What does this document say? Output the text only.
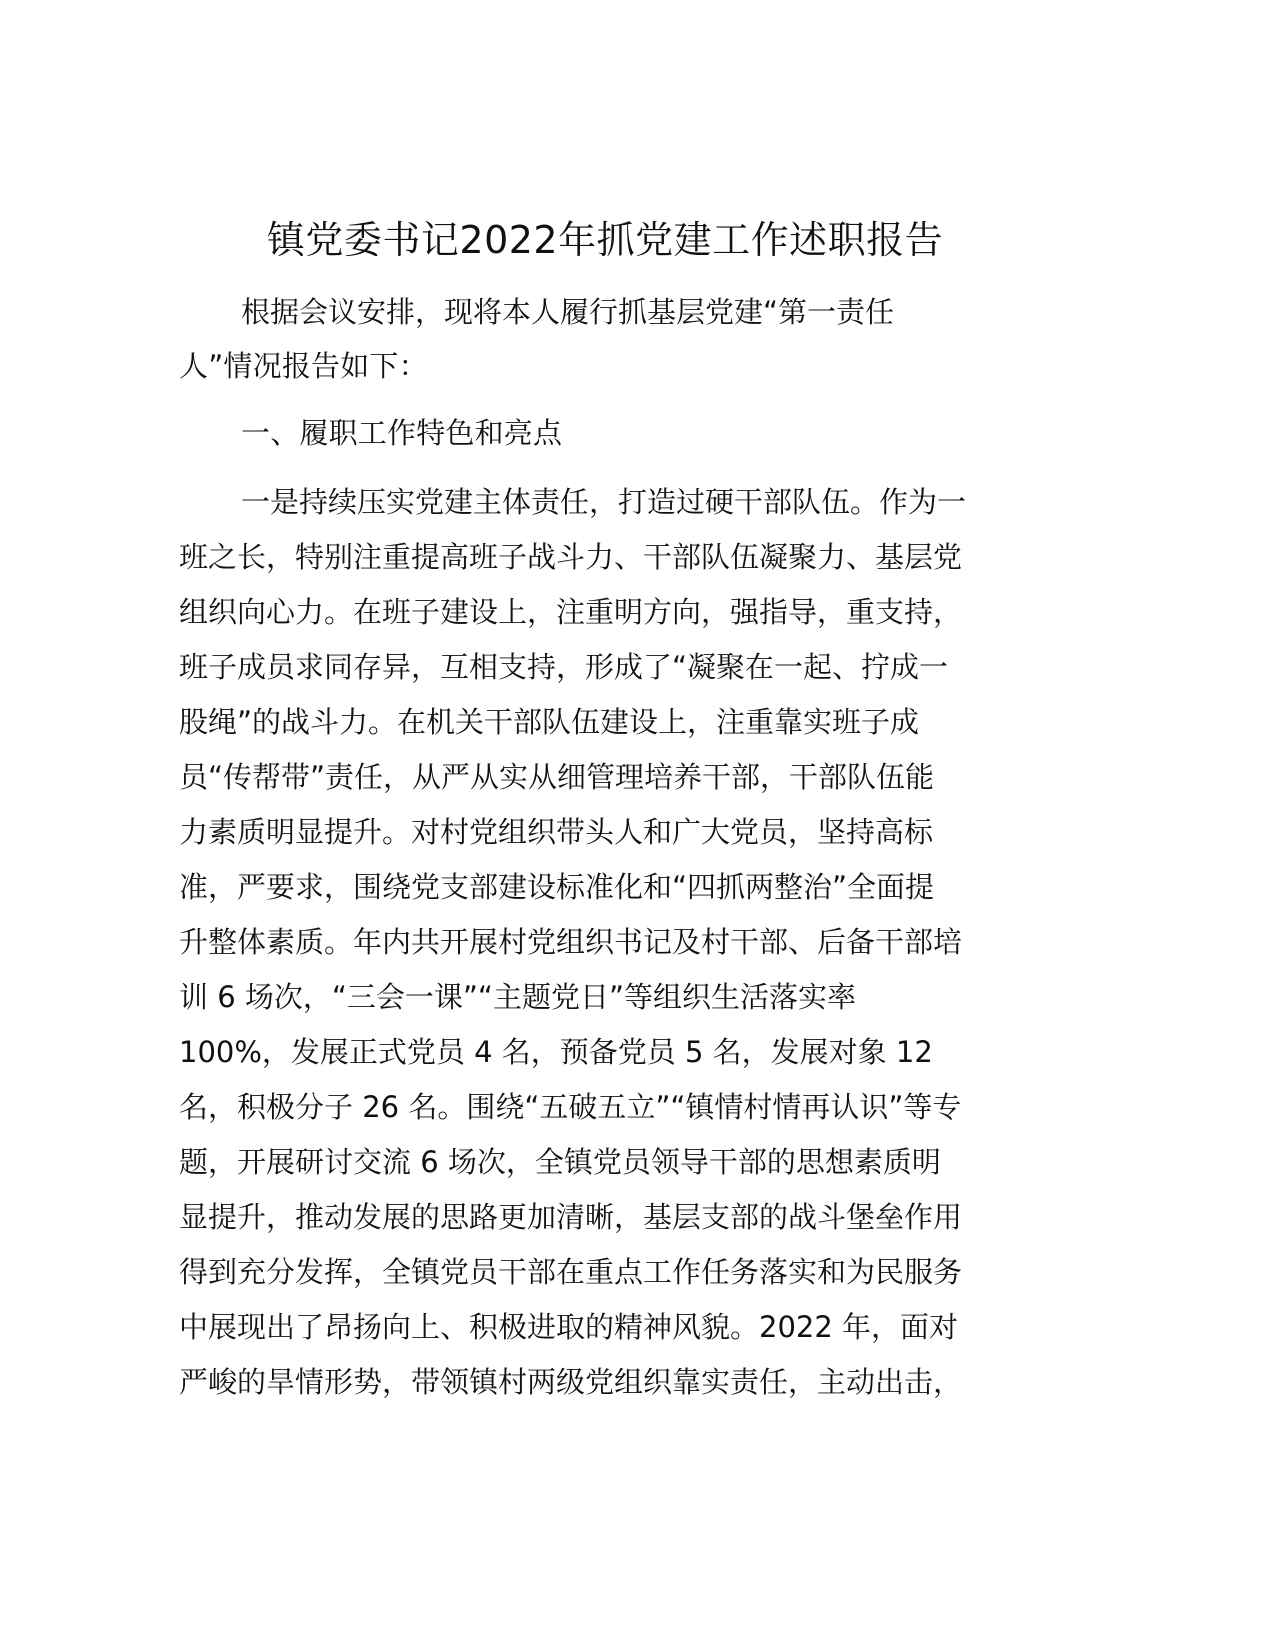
镇党委书记2022年抓党建工作述职报告
根据会议安排，现将本人履行抓基层党建“第一责任
人”情况报告如下：
一、履职工作特色和亮点
一是持续压实党建主体责任，打造过硬干部队伍。作为一
班之长，特别注重提高班子战斗力、干部队伍凝聚力、基层党
组织向心力。在班子建设上，注重明方向，强指导，重支持，
班子成员求同存异，互相支持，形成了“凝聚在一起、拧成一
股绳”的战斗力。在机关干部队伍建设上，注重靠实班子成
员“传帮带”责任，从严从实从细管理培养干部，干部队伍能
力素质明显提升。对村党组织带头人和广大党员，坚持高标
准，严要求，围绕党支部建设标准化和“四抓两整治”全面提
升整体素质。年内共开展村党组织书记及村干部、后备干部培
训 6 场次，“三会一课”“主题党日”等组织生活落实率
100%，发展正式党员 4 名，预备党员 5 名，发展对象 12
名，积极分子 26 名。围绕“五破五立”“镇情村情再认识”等专
题，开展研讨交流 6 场次，全镇党员领导干部的思想素质明
显提升，推动发展的思路更加清晰，基层支部的战斗堡垒作用
得到充分发挥，全镇党员干部在重点工作任务落实和为民服务
中展现出了昂扬向上、积极进取的精神风貌。2022 年，面对
严峻的旱情形势，带领镇村两级党组织靠实责任，主动出击，
